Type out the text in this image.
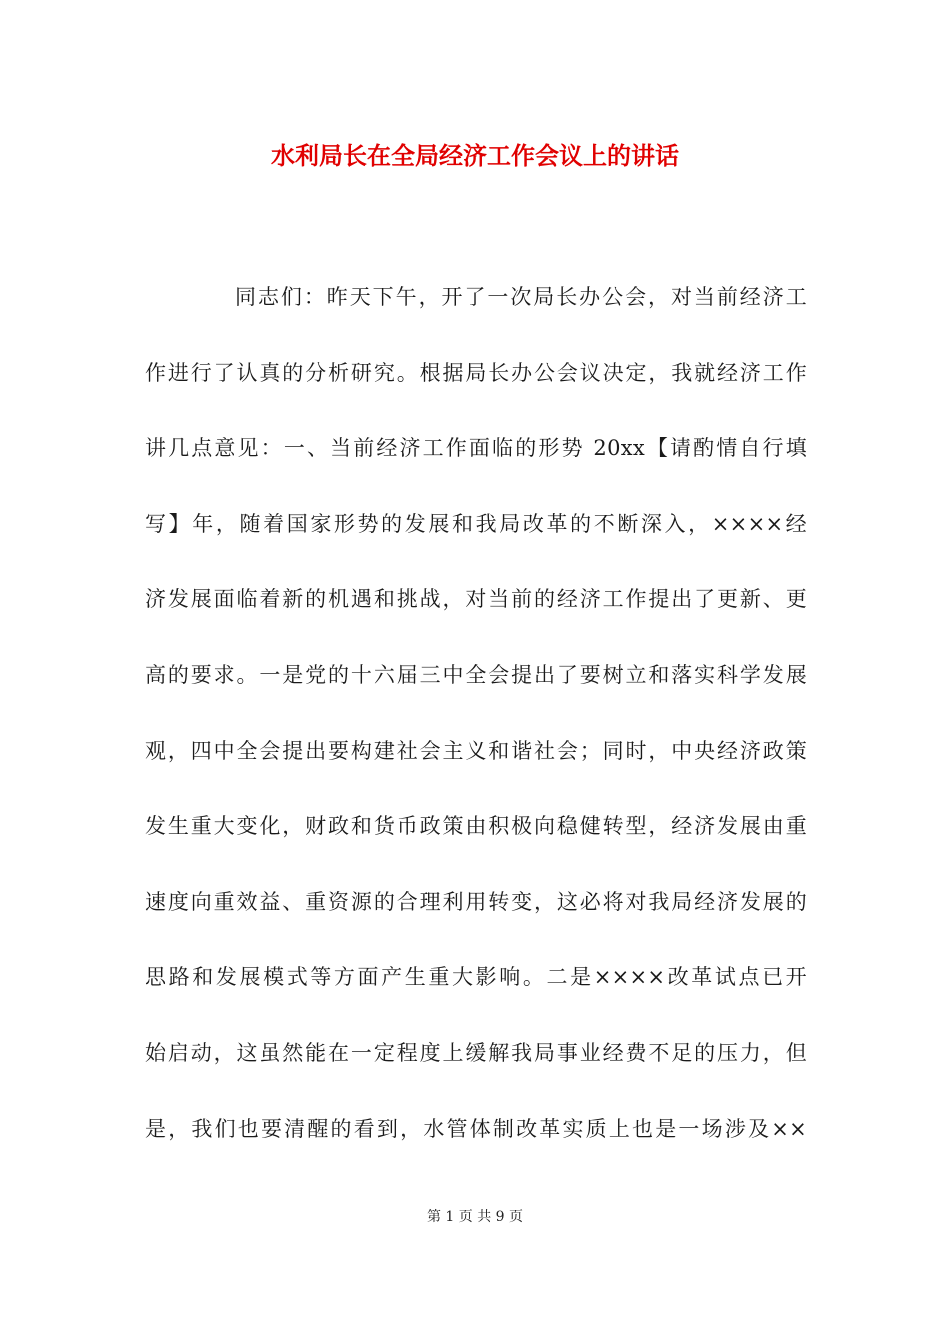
水利局长在全局经济工作会议上的讲话
同志们：昨天下午，开了一次局长办公会，对当前经济工
作进行了认真的分析研究。根据局长办公会议决定，我就经济工作
讲几点意见：一、当前经济工作面临的形势 20xx【请酌情自行填
写】年，随着国家形势的发展和我局改革的不断深入，××××经
济发展面临着新的机遇和挑战，对当前的经济工作提出了更新、更
高的要求。一是党的十六届三中全会提出了要树立和落实科学发展
观，四中全会提出要构建社会主义和谐社会；同时，中央经济政策
发生重大变化，财政和货币政策由积极向稳健转型，经济发展由重
速度向重效益、重资源的合理利用转变，这必将对我局经济发展的
思路和发展模式等方面产生重大影响。二是××××改革试点已开
始启动，这虽然能在一定程度上缓解我局事业经费不足的压力，但
是，我们也要清醒的看到，水管体制改革实质上也是一场涉及××
第 1 页 共 9 页
